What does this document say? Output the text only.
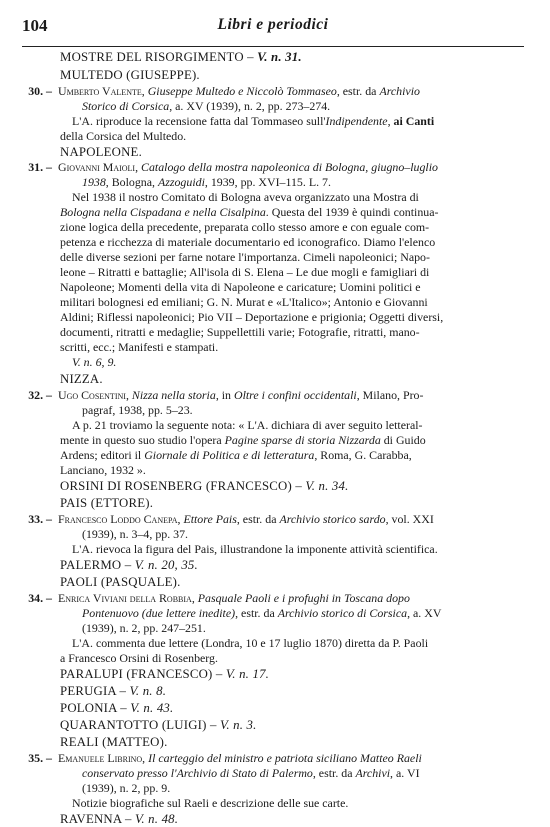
104	Libri e periodici
MOSTRE DEL RISORGIMENTO – V. n. 31.
MULTEDO (GIUSEPPE).
30. – Umberto Valente, Giuseppe Multedo e Niccolò Tommaseo, estr. da Archivio
Storico di Corsica, a. XV (1939), n. 2, pp. 273–274.
L'A. riproduce la recensione fatta dal Tommaseo sull'Indipendente, ai Canti
della Corsica del Multedo.
NAPOLEONE.
31. – Giovanni Maioli, Catalogo della mostra napoleonica di Bologna, giugno–luglio
1938, Bologna, Azzoguidi, 1939, pp. XVI–115. L. 7.
Nel 1938 il nostro Comitato di Bologna aveva organizzato una Mostra di
Bologna nella Cispadana e nella Cisalpina. Questa del 1939 è quindi continua-
zione logica della precedente, preparata collo stesso amore e con eguale com-
petenza e ricchezza di materiale documentario ed iconografico. Diamo l'elenco
delle diverse sezioni per farne notare l'importanza. Cimeli napoleonici; Napo-
leone – Ritratti e battaglie; All'isola di S. Elena – Le due mogli e famigliari di
Napoleone; Momenti della vita di Napoleone e caricature; Uomini politici e
militari bolognesi ed emiliani; G. N. Murat e «L'Italico»; Antonio e Giovanni
Aldini; Riflessi napoleonici; Pio VII – Deportazione e prigionia; Oggetti diversi,
documenti, ritratti e medaglie; Suppellettili varie; Fotografie, ritratti, mano-
scritti, ecc.; Manifesti e stampati.
V. n. 6, 9.
NIZZA.
32. – Ugo Cosentini, Nizza nella storia, in Oltre i confini occidentali, Milano, Pro-
pagraf, 1938, pp. 5–23.
A p. 21 troviamo la seguente nota: « L'A. dichiara di aver seguito letteral-
mente in questo suo studio l'opera Pagine sparse di storia Nizzarda di Guido
Ardens; editori il Giornale di Politica e di letteratura, Roma, G. Carabba,
Lanciano, 1932 ».
ORSINI DI ROSENBERG (FRANCESCO) – V. n. 34.
PAIS (ETTORE).
33. – Francesco Loddo Canepa, Ettore Pais, estr. da Archivio storico sardo, vol. XXI
(1939), n. 3–4, pp. 37.
L'A. rievoca la figura del Pais, illustrandone la imponente attività scientifica.
PALERMO – V. n. 20, 35.
PAOLI (PASQUALE).
34. – Enrica Viviani della Robbia, Pasquale Paoli e i profughi in Toscana dopo
Pontenuovo (due lettere inedite), estr. da Archivio storico di Corsica, a. XV
(1939), n. 2, pp. 247–251.
L'A. commenta due lettere (Londra, 10 e 17 luglio 1870) diretta da P. Paoli
a Francesco Orsini di Rosenberg.
PARALUPI (FRANCESCO) – V. n. 17.
PERUGIA – V. n. 8.
POLONIA – V. n. 43.
QUARANTOTTO (LUIGI) – V. n. 3.
REALI (MATTEO).
35. – Emanuele Librino, Il carteggio del ministro e patriota siciliano Matteo Raeli
conservato presso l'Archivio di Stato di Palermo, estr. da Archivi, a. VI
(1939), n. 2, pp. 9.
Notizie biografiche sul Raeli e descrizione delle sue carte.
RAVENNA – V. n. 48.
